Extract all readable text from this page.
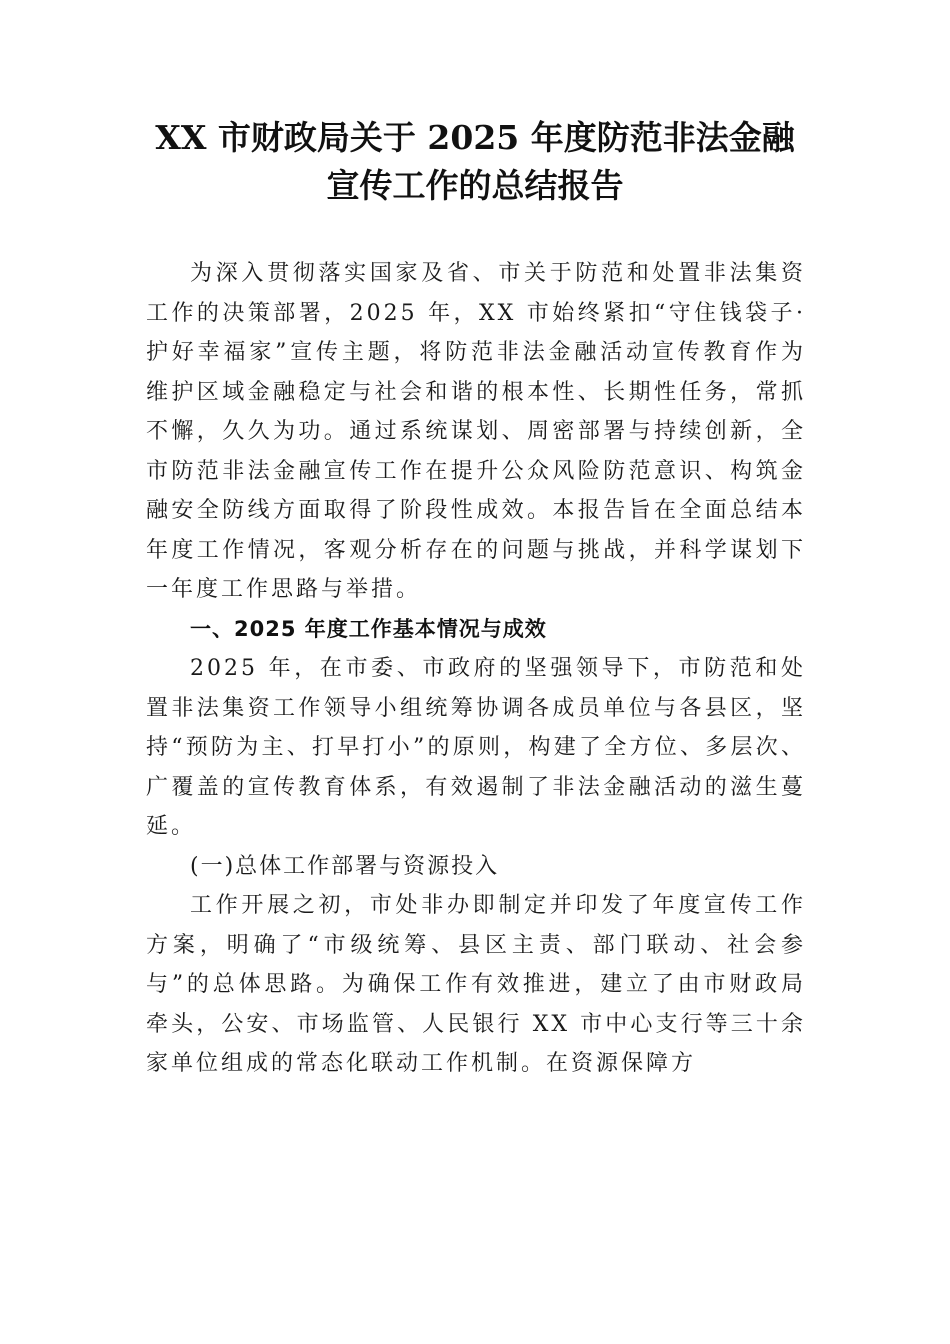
XX 市财政局关于 2025 年度防范非法金融
宣传工作的总结报告

为深入贯彻落实国家及省、市关于防范和处置非法集资工作的决策部署，2025 年，XX 市始终紧扣“守住钱袋子·护好幸福家”宣传主题，将防范非法金融活动宣传教育作为维护区域金融稳定与社会和谐的根本性、长期性任务，常抓不懈，久久为功。通过系统谋划、周密部署与持续创新，全市防范非法金融宣传工作在提升公众风险防范意识、构筑金融安全防线方面取得了阶段性成效。本报告旨在全面总结本年度工作情况，客观分析存在的问题与挑战，并科学谋划下一年度工作思路与举措。

一、2025 年度工作基本情况与成效

2025 年，在市委、市政府的坚强领导下，市防范和处置非法集资工作领导小组统筹协调各成员单位与各县区，坚持“预防为主、打早打小”的原则，构建了全方位、多层次、广覆盖的宣传教育体系，有效遏制了非法金融活动的滋生蔓延。

(一)总体工作部署与资源投入

工作开展之初，市处非办即制定并印发了年度宣传工作方案，明确了“市级统筹、县区主责、部门联动、社会参与”的总体思路。为确保工作有效推进，建立了由市财政局牵头，公安、市场监管、人民银行 XX 市中心支行等三十余家单位组成的常态化联动工作机制。在资源保障方
